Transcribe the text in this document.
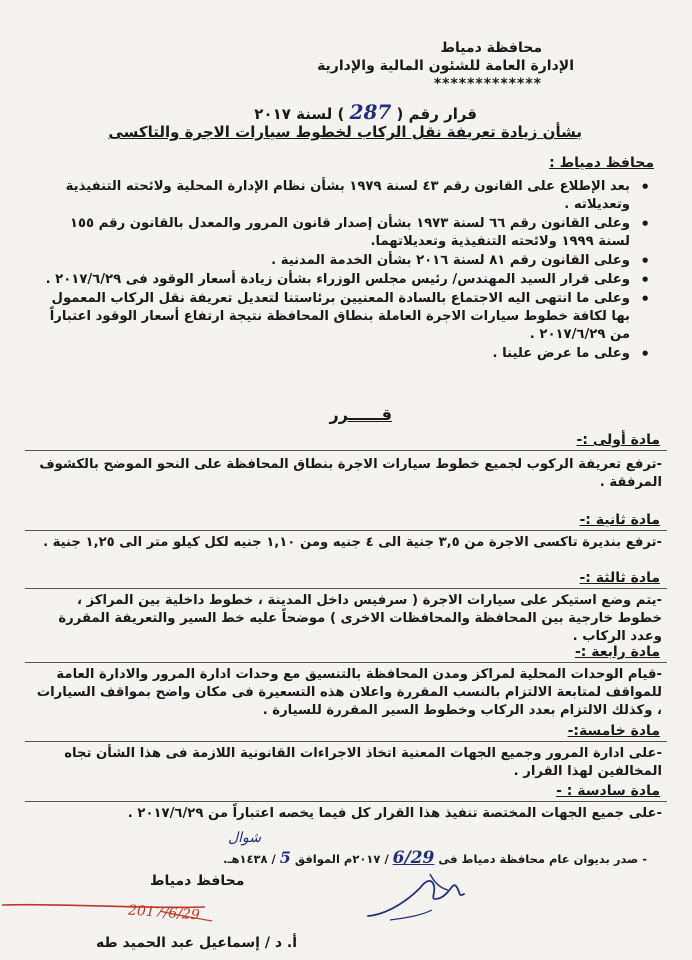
محافظة دمياط
الإدارة العامة للشئون المالية والإدارية
*************
قرار رقم ( 287 ) لسنة ٢٠١٧
بشأن زيادة تعريفة نقل الركاب لخطوط سيارات الاجرة والتاكسى
محافظ دمياط :
• بعد الإطلاع على القانون رقم ٤٣ لسنة ١٩٧٩ بشأن نظام الإدارة المحلية ولائحته التنفيذية وتعديلاته .
• وعلى القانون رقم ٦٦ لسنة ١٩٧٣ بشأن إصدار قانون المرور والمعدل بالقانون رقم ١٥٥ لسنة ١٩٩٩ ولائحته التنفيذية وتعديلاتهما.
• وعلى القانون رقم ٨١ لسنة ٢٠١٦ بشأن الخدمة المدنية .
• وعلى قرار السيد المهندس/ رئيس مجلس الوزراء بشأن زيادة أسعار الوقود فى ٢٠١٧/٦/٢٩ .
• وعلى ما انتهى اليه الاجتماع بالسادة المعنيين برئاستنا لتعديل تعريفة نقل الركاب المعمول بها لكافة خطوط سيارات الاجرة العاملة بنطاق المحافظة نتيجة ارتفاع أسعار الوقود اعتباراً من ٢٠١٧/٦/٢٩ .
• وعلى ما عرض علينا .
قــــــرر
مادة أولى :-
-ترفع تعريفة الركوب لجميع خطوط سيارات الاجرة بنطاق المحافظة على النحو الموضح بالكشوف المرفقة .
مادة ثانية :-
-ترفع بنديرة تاكسى الاجرة من ٣,٥ جنية الى ٤ جنيه ومن ١,١٠ جنيه لكل كيلو متر الى ١,٢٥ جنية .
مادة ثالثة :-
-يتم وضع استيكر على سيارات الاجرة ( سرفيس داخل المدينة ، خطوط داخلية بين المراكز ، خطوط خارجية بين المحافظة والمحافظات الاخرى ) موضحاً عليه خط السير والتعريفة المقررة وعدد الركاب .
مادة رابعة :-
-قيام الوحدات المحلية لمراكز ومدن المحافظة بالتنسيق مع وحدات ادارة المرور والادارة العامة للمواقف لمتابعة الالتزام بالنسب المقررة واعلان هذه التسعيرة فى مكان واضح بمواقف السيارات ، وكذلك الالتزام بعدد الركاب وخطوط السير المقررة للسيارة .
مادة خامسة:-
-على ادارة المرور وجميع الجهات المعنية اتخاذ الاجراءات القانونية اللازمة فى هذا الشأن تجاه المخالفين لهذا القرار .
مادة سادسة : -
-على جميع الجهات المختصة تنفيذ هذا القرار كل فيما يخصه اعتباراً من ٢٠١٧/٦/٢٩ .
- صدر بديوان عام محافظة دمياط فى 6/29 / ٢٠١٧م الموافق 5 / ١٤٣٨هـ.
شوال
محافظ دمياط
أ. د / إسماعيل عبد الحميد طه
2017/6/29
